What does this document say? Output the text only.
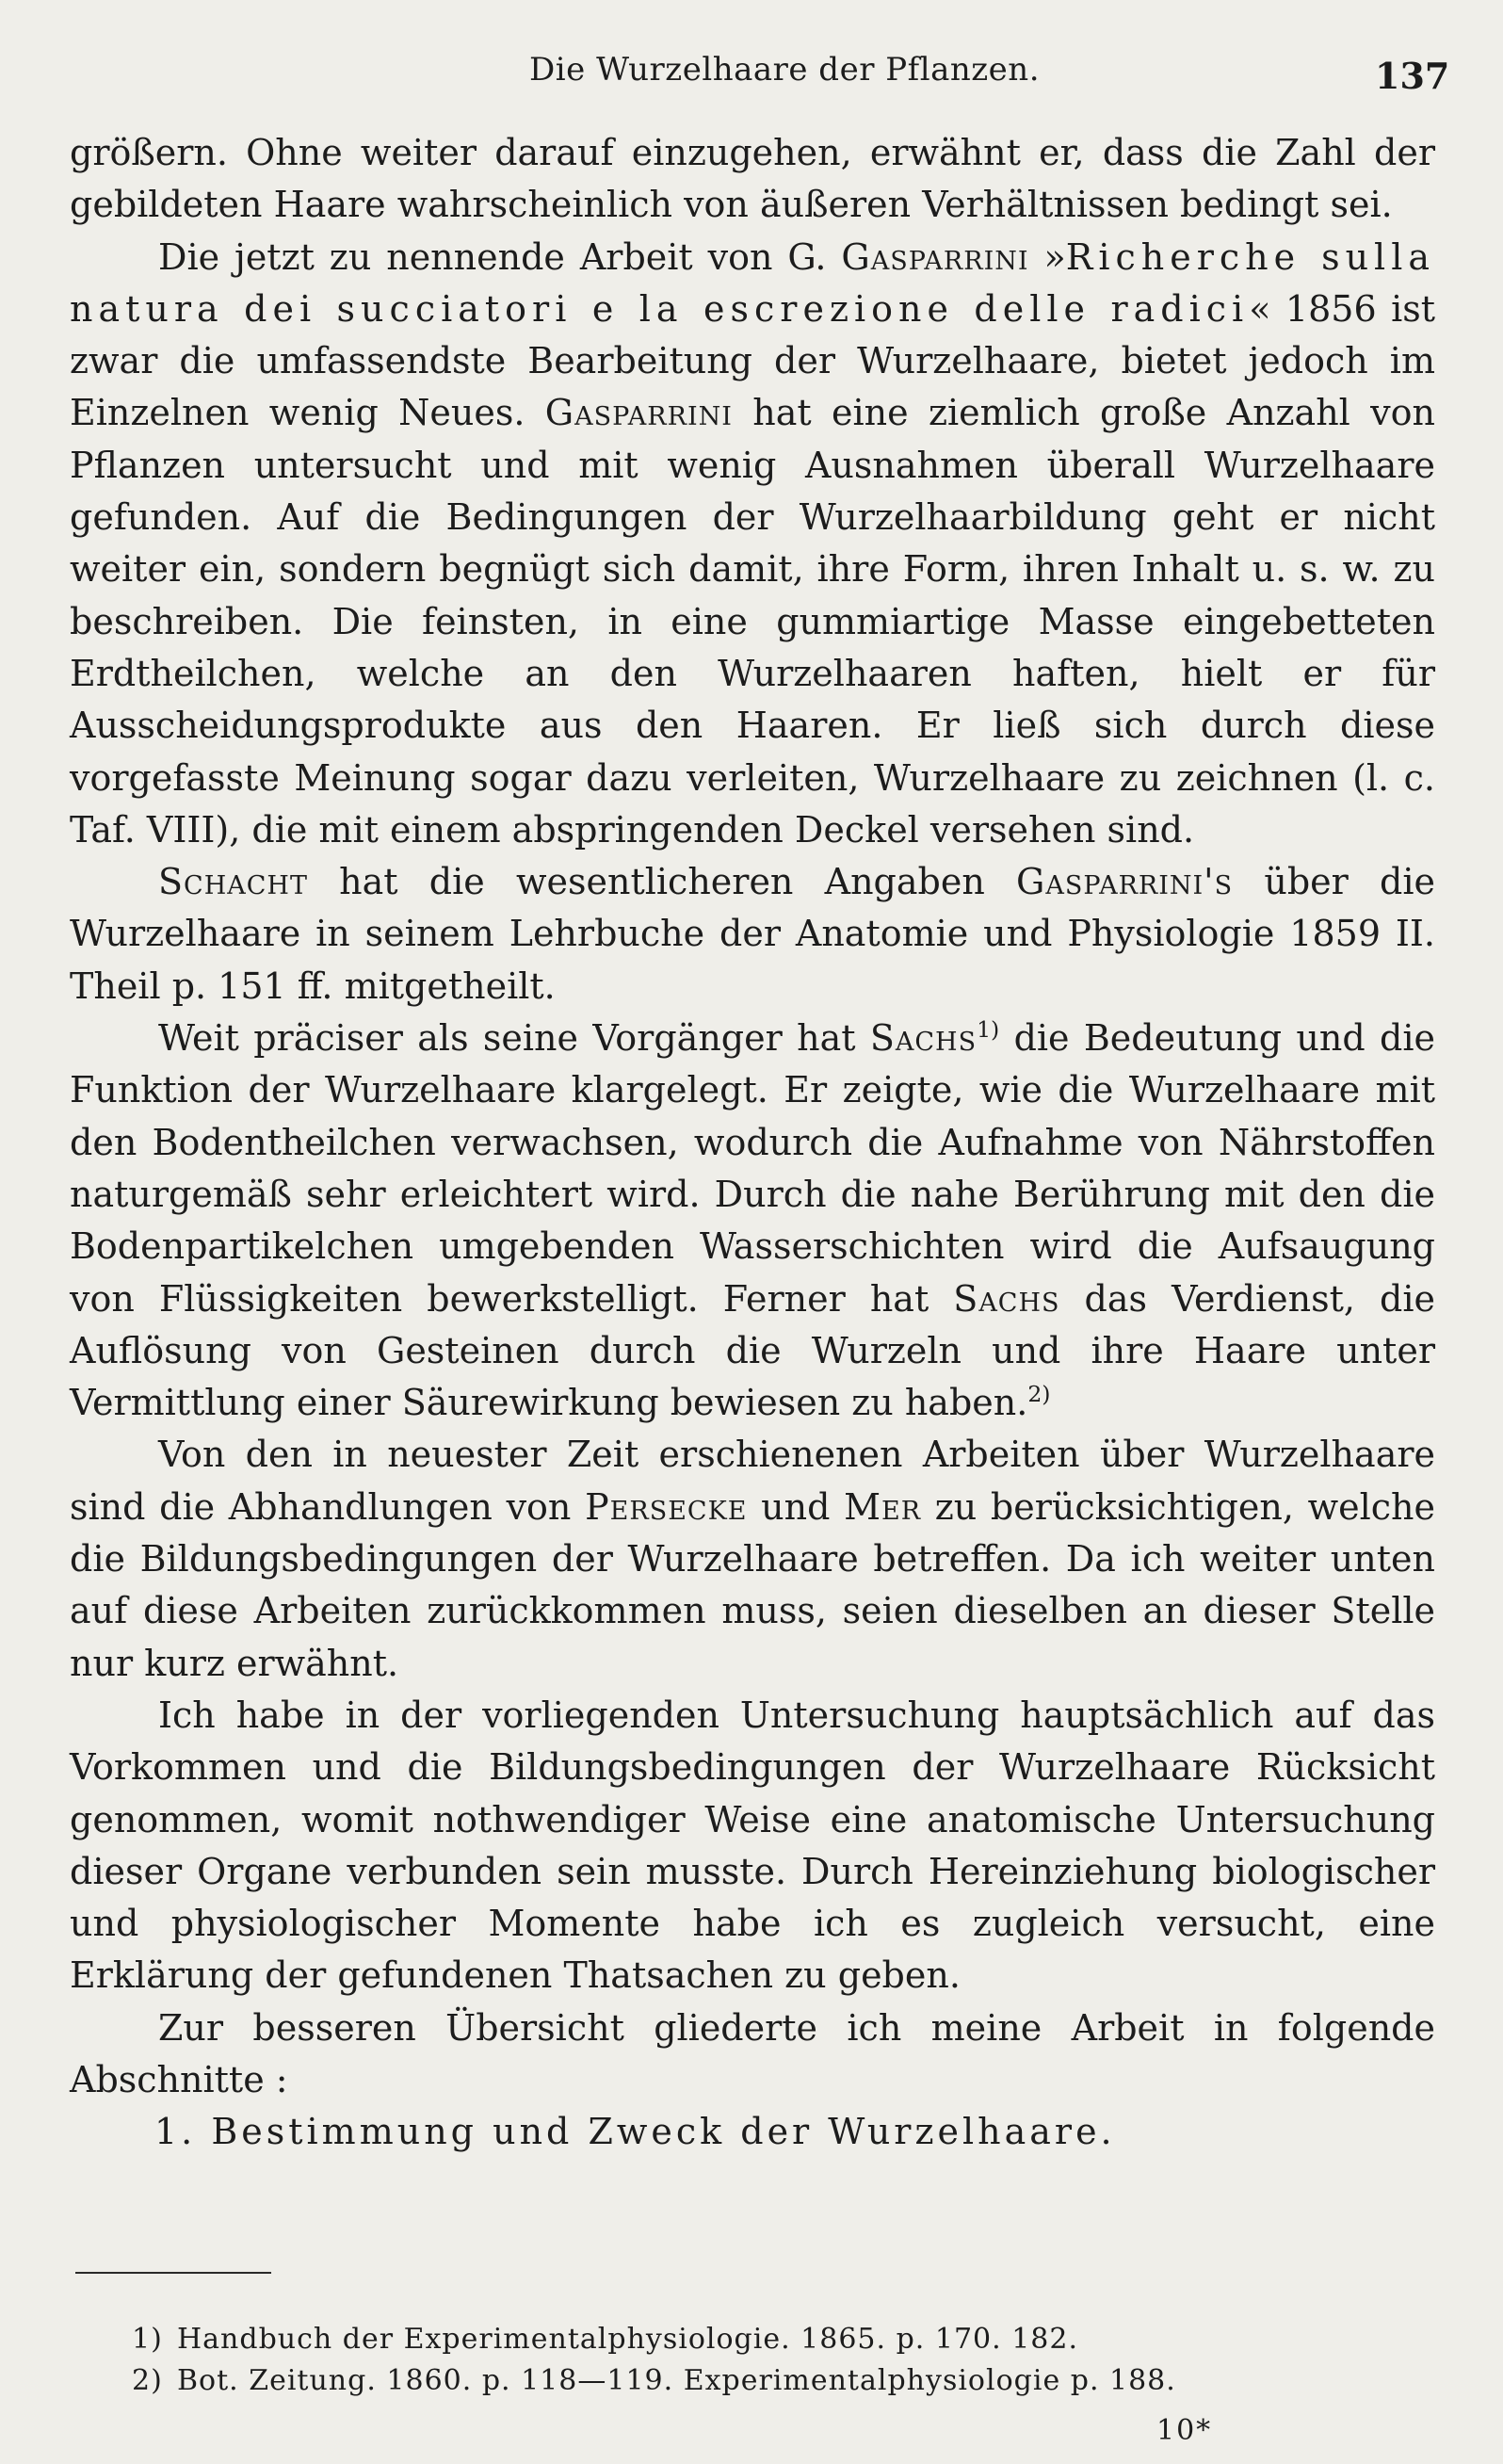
Die Wurzelhaare der Pflanzen.	137

größern. Ohne weiter darauf einzugehen, erwähnt er, dass die Zahl der gebildeten Haare wahrscheinlich von äußeren Verhältnissen bedingt sei.

Die jetzt zu nennende Arbeit von G. Gasparrini »Richerche sulla natura dei succiatori e la escrezione delle radici« 1856 ist zwar die umfassendste Bearbeitung der Wurzelhaare, bietet jedoch im Einzelnen wenig Neues. Gasparrini hat eine ziemlich große Anzahl von Pflanzen untersucht und mit wenig Ausnahmen überall Wurzelhaare gefunden. Auf die Bedingungen der Wurzelhaarbildung geht er nicht weiter ein, sondern begnügt sich damit, ihre Form, ihren Inhalt u. s. w. zu beschreiben. Die feinsten, in eine gummiartige Masse eingebetteten Erdtheilchen, welche an den Wurzelhaaren haften, hielt er für Ausscheidungsprodukte aus den Haaren. Er ließ sich durch diese vorgefasste Meinung sogar dazu verleiten, Wurzelhaare zu zeichnen (l. c. Taf. VIII), die mit einem abspringenden Deckel versehen sind.

Schacht hat die wesentlicheren Angaben Gasparrini's über die Wurzelhaare in seinem Lehrbuche der Anatomie und Physiologie 1859 II. Theil p. 151 ff. mitgetheilt.

Weit präciser als seine Vorgänger hat Sachs$^{1)}$ die Bedeutung und die Funktion der Wurzelhaare klargelegt. Er zeigte, wie die Wurzelhaare mit den Bodentheilchen verwachsen, wodurch die Aufnahme von Nährstoffen naturgemäß sehr erleichtert wird. Durch die nahe Berührung mit den die Bodenpartikelchen umgebenden Wasserschichten wird die Aufsaugung von Flüssigkeiten bewerkstelligt. Ferner hat Sachs das Verdienst, die Auflösung von Gesteinen durch die Wurzeln und ihre Haare unter Vermittlung einer Säurewirkung bewiesen zu haben.$^{2)}$

Von den in neuester Zeit erschienenen Arbeiten über Wurzelhaare sind die Abhandlungen von Persecke und Mer zu berücksichtigen, welche die Bildungsbedingungen der Wurzelhaare betreffen. Da ich weiter unten auf diese Arbeiten zurückkommen muss, seien dieselben an dieser Stelle nur kurz erwähnt.

Ich habe in der vorliegenden Untersuchung hauptsächlich auf das Vorkommen und die Bildungsbedingungen der Wurzelhaare Rücksicht genommen, womit nothwendiger Weise eine anatomische Untersuchung dieser Organe verbunden sein musste. Durch Hereinziehung biologischer und physiologischer Momente habe ich es zugleich versucht, eine Erklärung der gefundenen Thatsachen zu geben.

Zur besseren Übersicht gliederte ich meine Arbeit in folgende Abschnitte :

1. Bestimmung und Zweck der Wurzelhaare.

1) Handbuch der Experimentalphysiologie. 1865. p. 170. 182.
2) Bot. Zeitung. 1860. p. 118—119. Experimentalphysiologie p. 188.
10*
